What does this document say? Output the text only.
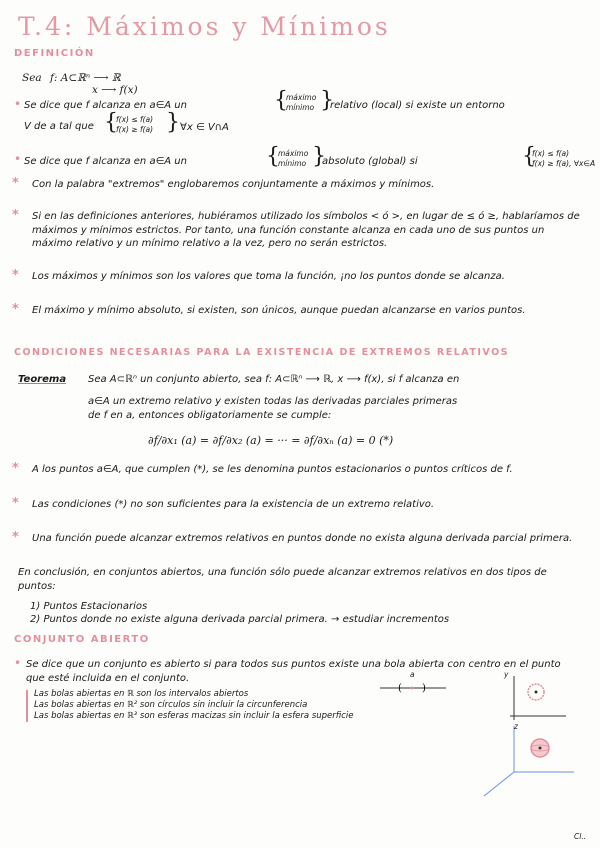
T.4: Máximos y Mínimos
DEFINICIÓN
Sea f: A⊂ℝⁿ ⟶ ℝ
x ⟶ f(x)
• Se dice que f alcanza en a∈A un	{
máximo
mínimo }
relativo (local) si existe un entorno
V de a tal que {
f(x) ≤ f(a)
f(x) ≥ f(a) } ∀x ∈ V∩A
• Se dice que f alcanza en a∈A un	{
máximo
mínimo }
absoluto (global) si	{
f(x) ≤ f(a)
f(x) ≥ f(a), ∀x∈A
* Con la palabra "extremos" englobaremos conjuntamente a máximos y mínimos.
* Si en las definiciones anteriores, hubiéramos utilizado los símbolos < ó >, en lugar de ≤ ó ≥, hablaríamos de máximos y mínimos estrictos. Por tanto, una función constante alcanza en cada uno de sus puntos un máximo relativo y un mínimo relativo a la vez, pero no serán estrictos.
* Los máximos y mínimos son los valores que toma la función, ¡no los puntos donde se alcanza.
* El máximo y mínimo absoluto, si existen, son únicos, aunque puedan alcanzarse en varios puntos.
CONDICIONES NECESARIAS PARA LA EXISTENCIA DE EXTREMOS RELATIVOS
Teorema Sea A⊂ℝⁿ un conjunto abierto, sea f: A⊂ℝⁿ ⟶ ℝ, x ⟶ f(x), si f alcanza en
a∈A un extremo relativo y existen todas las derivadas parciales primeras
de f en a, entonces obligatoriamente se cumple:
∂f/∂x₁ (a) = ∂f/∂x₂ (a) = ··· = ∂f/∂xₙ (a) = 0 (*)
* A los puntos a∈A, que cumplen (*), se les denomina puntos estacionarios o puntos críticos de f.
* Las condiciones (*) no son suficientes para la existencia de un extremo relativo.
* Una función puede alcanzar extremos relativos en puntos donde no exista alguna derivada parcial primera.
En conclusión, en conjuntos abiertos, una función sólo puede alcanzar extremos relativos en dos tipos de puntos:
1) Puntos Estacionarios
2) Puntos donde no existe alguna derivada parcial primera. → estudiar incrementos
CONJUNTO ABIERTO
• Se dice que un conjunto es abierto si para todos sus puntos existe una bola abierta con centro en el punto que esté incluida en el conjunto.
Las bolas abiertas en ℝ son los intervalos abiertos
Las bolas abiertas en ℝ² son círculos sin incluir la circunferencia
Las bolas abiertas en ℝ³ son esferas macizas sin incluir la esfera superficie
( )
a	y
z
Cl..
